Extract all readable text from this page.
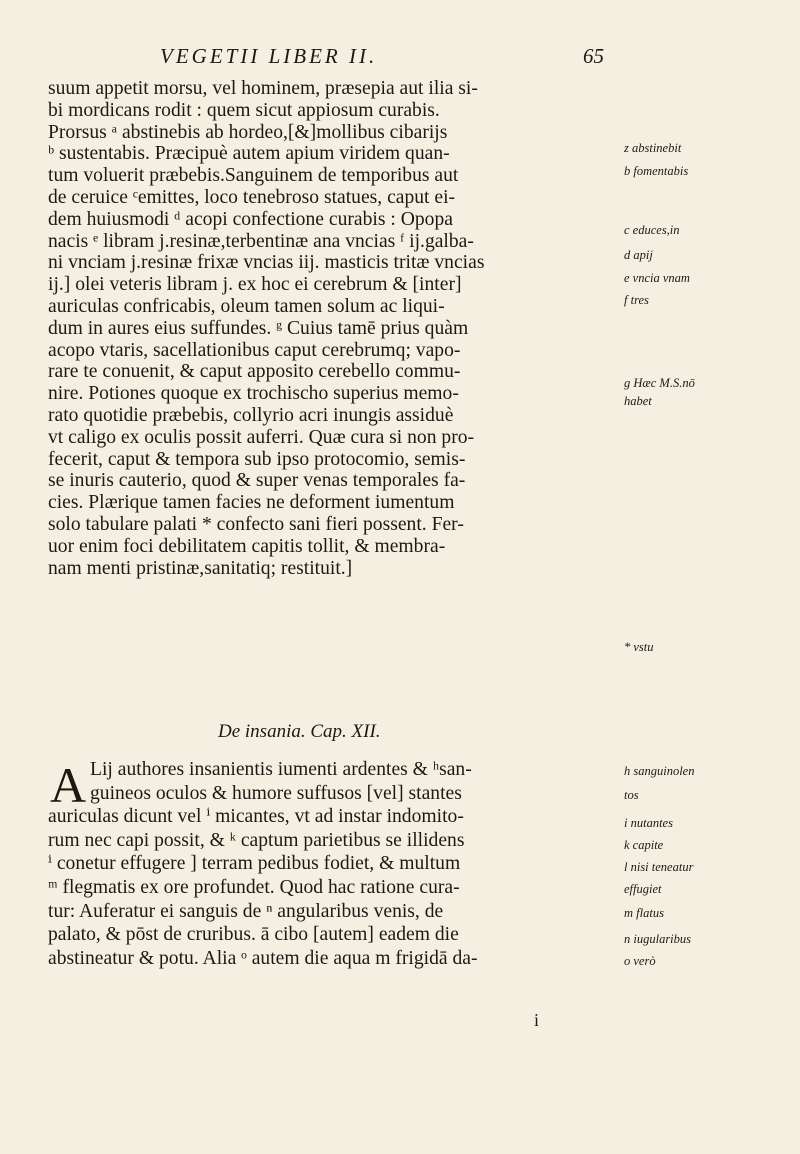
VEGETII LIBER II.	65
suum appetit morsu, vel hominem, præsepia aut ilia si-
bi mordicans rodit : quem sicut appiosum curabis.
Prorsus ᵃ abstinebis ab hordeo,[&]mollibus cibarijs
ᵇ sustentabis. Præcipuè autem apium viridem quan-
tum voluerit præbebis.Sanguinem de temporibus aut
de ceruice ᶜemittes, loco tenebroso statues, caput ei-
dem huiusmodi ᵈ acopi confectione curabis : Opopa
nacis ᵉ libram j.resinæ,terbentinæ ana vncias ᶠ ij.galba-
ni vnciam j.resinæ frixæ vncias iij. masticis tritæ vncias
ij.] olei veteris libram j. ex hoc ei cerebrum & [inter]
auriculas confricabis, oleum tamen solum ac liqui-
dum in aures eius suffundes. ᵍ Cuius tamē prius quàm
acopo vtaris, sacellationibus caput cerebrumq; vapo-
rare te conuenit, & caput apposito cerebello commu-
nire. Potiones quoque ex trochischo superius memo-
rato quotidie præbebis, collyrio acri inungis assiduè
vt caligo ex oculis possit auferri. Quæ cura si non pro-
fecerit, caput & tempora sub ipso protocomio, semis-
se inuris cauterio, quod & super venas temporales fa-
cies. Plærique tamen facies ne deforment iumentum
solo tabulare palati * confecto sani fieri possent. Fer-
uor enim foci debilitatem capitis tollit, & membra-
nam menti pristinæ,sanitatiq; restituit.]
z abstinebit
b fomentabis
c educes,in
d apij
e vncia vnam
f tres
g Hæc M.S.nō
habet
* vstu
De insania. Cap. XII.
A Lij authores insanientis iumenti ardentes & ʰsan-
guineos oculos & humore suffusos [vel] stantes
auriculas dicunt vel ⁱ micantes, vt ad instar indomito-
rum nec capi possit, & ᵏ captum parietibus se illidens
ⁱ conetur effugere ] terram pedibus fodiet, & multum
ᵐ flegmatis ex ore profundet. Quod hac ratione cura-
tur: Auferatur ei sanguis de ⁿ angularibus venis, de
palato, & pōst de cruribus. ā cibo [autem] eadem die
abstineatur & potu. Alia ᵒ autem die aqua m frigidā da-
h sanguinolen
tos
i nutantes
k capite
l nisi teneatur
effugiet
m flatus
n iugularibus
o verò
i
